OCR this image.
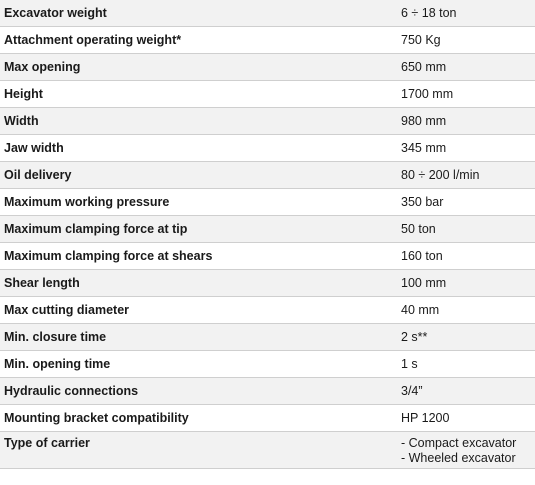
Excavator weight	6 ÷ 18 ton
Attachment operating weight*	750 Kg
Max opening	650 mm
Height	1700 mm
Width	980 mm
Jaw width	345 mm
Oil delivery	80 ÷ 200 l/min
Maximum working pressure	350 bar
Maximum clamping force at tip	50 ton
Maximum clamping force at shears	160 ton
Shear length	100 mm
Max cutting diameter	40 mm
Min. closure time	2 s**
Min. opening time	1 s
Hydraulic connections	3/4”
Mounting bracket compatibility	HP 1200
Type of carrier	- Compact excavator
- Wheeled excavator
